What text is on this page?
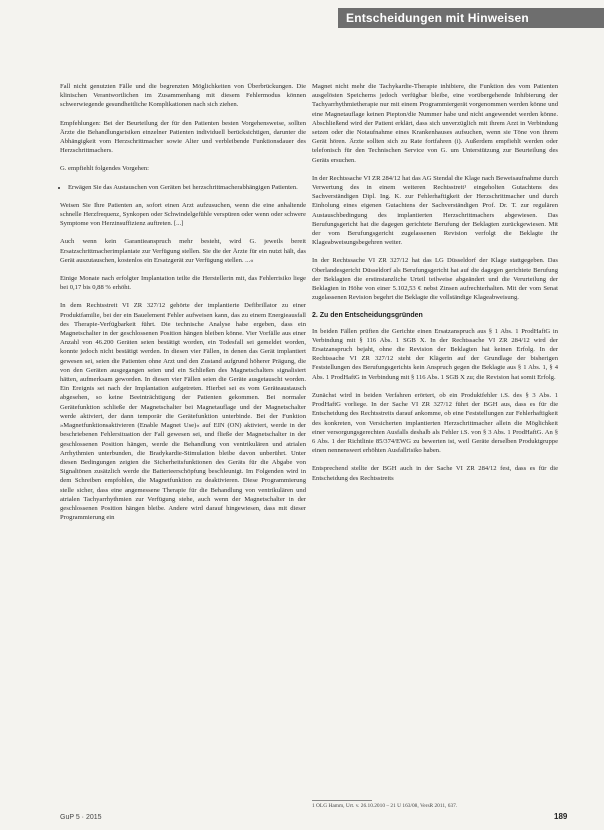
Entscheidungen mit Hinweisen

Fall nicht genutzten Fälle und die begrenzten Möglichkeiten von Überbrückungen. Die klinischen Verantwortlichen im Zusammenhang mit diesem Fehlermodus können schwerwiegende gesundheitliche Komplikationen nach sich ziehen.

Empfehlungen: Bei der Beurteilung der für den Patienten besten Vorgehensweise, sollten Ärzte die Behandlungsrisiken einzelner Patienten individuell berücksichtigen, darunter die Abhängigkeit vom Herzschrittmacher sowie Alter und verbleibende Funktionsdauer des Herzschrittmachers.

G. empfiehlt folgendes Vorgehen:

• Erwägen Sie das Austauschen von Geräten bei herzschrittmacherabhängigen Patienten.

Weisen Sie Ihre Patienten an, sofort einen Arzt aufzusuchen, wenn die eine anhaltende schnelle Herzfrequenz, Synkopen oder Schwindelgefühle verspüren oder wenn oder schwere Symptome von Herzinsuffizienz auftreten. [...]

Auch wenn kein Garantieanspruch mehr besteht, wird G. jeweils bereit Ersatzschrittmacherimplantate zur Verfügung stellen. Sie die der Ärzte für ein nutzt hält, das Gerät auszutauschen, kostenlos ein Ersatzgerät zur Verfügung stellen. ...«

Einige Monate nach erfolgter Implantation teilte die Herstellerin mit, das Fehlerrisiko liege bei 0,17 bis 0,88 % erhöht.

In dem Rechtsstreit VI ZR 327/12 gehörte der implantierte Defibrillator zu einer Produktfamilie, bei der ein Bauelement Fehler aufweisen kann, das zu einem Energieausfall des Therapie-Verfügbarkeit führt. Die technische Analyse habe ergeben, dass ein Magnetschalter in der geschlossenen Position hängen bleiben könne. Vier Vorfälle aus einer Anzahl von 46.200 Geräten seien bestätigt worden, ein Todesfall sei gemeldet worden, konnte jedoch nicht bestätigt werden. In diesen vier Fällen, in denen das Gerät implantiert gewesen sei, seien die Patienten ohne Arzt und den Zustand aufgrund höherer Prägung, die von den Geräten ausgegangen seien und ein Schließen des Magnetschalters signalisiert hätten, aufmerksam geworden. In diesen vier Fällen seien die Geräte ausgetauscht worden. Ein Ereignis sei nach der Implantation aufgetreten. Hierbei sei es vom Geräteaustausch abgesehen, so keine Beeinträchtigung der Patienten gekommen. Bei normaler Gerätefunktion schließe der Magnetschalter bei Magnetauflage und der Magnetschalter werde aktiviert, der dann temporär die Gerätefunktion unterbinde. Bei der Funktion »Magnetfunktionsaktivieren (Enable Magnet Use)« auf EIN (ON) aktiviert, werde in der beschriebenen Fehlersituation der Fall gewesen sei, und fließe der Magnetschalter in der geschlossenen Position hängen, werde die Behandlung von ventrikulären und atrialen Arrhythmien unterbunden, die Bradykardie-Stimulation bleibe davon unberührt. Unter diesen Bedingungen zeigten die Sicherheitsfunktionen des Geräts für die Abgabe von Signaltönen zusätzlich werde die Batterieerschöpfung beschleunigt. Im Folgenden wird in dem Schreiben empfohlen, die Magnetfunktion zu deaktivieren. Diese Programmierung stelle sicher, dass eine angemessene Therapie für die Behandlung von ventrikulären und atrialen Tachyarrhythmien zur Verfügung stehe, auch wenn der Magnetschalter in der geschlossenen Position hängen bleibe. Andere wird darauf hingewiesen, dass mit dieser Programmierung ein

Magnet nicht mehr die Tachykardie-Therapie inhibiere, die Funktion des vom Patienten ausgelösten Speicherns jedoch verfügbar bleibe, eine vorübergehende Inhibierung der Tachyarrhythmietherapie nur mit einem Programmiergerät vorgenommen werden könne und eine Magnetauflage keinen Piepton/die Nummer habe und nicht angewendet werden könne. Abschließend wird der Patient erklärt, dass sich unverzüglich mit ihrem Arzt in Verbindung setzen oder die Notaufnahme eines Krankenhauses aufsuchen, wenn sie Töne von ihrem Gerät hören. Ärzte sollten sich zu Rate fortfahren (i). Außerdem empfiehlt werden oder telefonisch für den Technischen Service von G. um Unterstützung zur Beurteilung des Geräts ersuchen.

In der Rechtssache VI ZR 284/12 hat das AG Stendal die Klage nach Beweisaufnahme durch Verwertung des in einem weiteren Rechtsstreit¹ eingeholten Gutachtens des Sachverständigen Dipl. Ing. K. zur Fehlerhaftigkeit der Herzschrittmacher und durch Einholung eines eigenen Gutachtens der Sachverständigen Prof. Dr. T. zur regulären Austauschbedingung des implantierten Herzschrittmachers abgewiesen. Das Berufungsgericht hat die dagegen gerichtete Berufung der Beklagten zurückgewiesen. Mit der vom Berufungsgericht zugelassenen Revision verfolgt die Beklagte ihr Klageabweisungsbegehren weiter.

In der Rechtssache VI ZR 327/12 hat das LG Düsseldorf der Klage stattgegeben. Das Oberlandesgericht Düsseldorf als Berufungsgericht hat auf die dagegen gerichtete Berufung der Beklagten die erstinstanzliche Urteil teilweise abgeändert und die Verurteilung der Beklagten in Höhe von einer 5.102,53 € nebst Zinsen aufrechterhalten. Mit der vom Senat zugelassenen Revision begehrt die Beklagte die vollständige Klageabweisung.

2. Zu den Entscheidungsgründen

In beiden Fällen prüften die Gerichte einen Ersatzanspruch aus § 1 Abs. 1 ProdHaftG in Verbindung mit § 116 Abs. 1 SGB X. In der Rechtssache VI ZR 284/12 wird der Ersatzanspruch bejaht, ohne die Revision der Beklagten hat keinen Erfolg. In der Rechtssache VI ZR 327/12 steht der Klägerin auf der Grundlage der bisherigen Feststellungen des Berufungsgerichts kein Anspruch gegen die Beklagte aus § 1 Abs. 1, § 4 Abs. 1 ProdHaftG in Verbindung mit § 116 Abs. 1 SGB X zu; die Revision hat somit Erfolg.

Zunächst wird in beiden Verfahren erörtert, ob ein Produktfehler i.S. des § 3 Abs. 1 ProdHaftG vorliege. In der Sache VI ZR 327/12 führt der BGH aus, dass es für die Entscheidung des Rechtsstreits darauf ankomme, ob eine Feststellungen zur Fehlerhaftigkeit des konkreten, von Versicherten implantierten Herzschrittmacher allein die Möglichkeit einer versorgungsgerechten Ausfalls deshalb als Fehler i.S. von § 3 Abs. 1 ProdHaftG. An § 6 Abs. 1 der Richtlinie 85/374/EWG zu bewerten ist, weil Geräte derselben Produktgruppe einen nennenswert erhöhten Ausfallrisiko haben.

Entsprechend stellte der BGH auch in der Sache VI ZR 284/12 fest, dass es für die Entscheidung des Rechtsstreits

1 OLG Hamm, Urt. v. 26.10.2010 – 21 U 163/08, VersR 2011, 637.
GuP 5 · 2015	189
